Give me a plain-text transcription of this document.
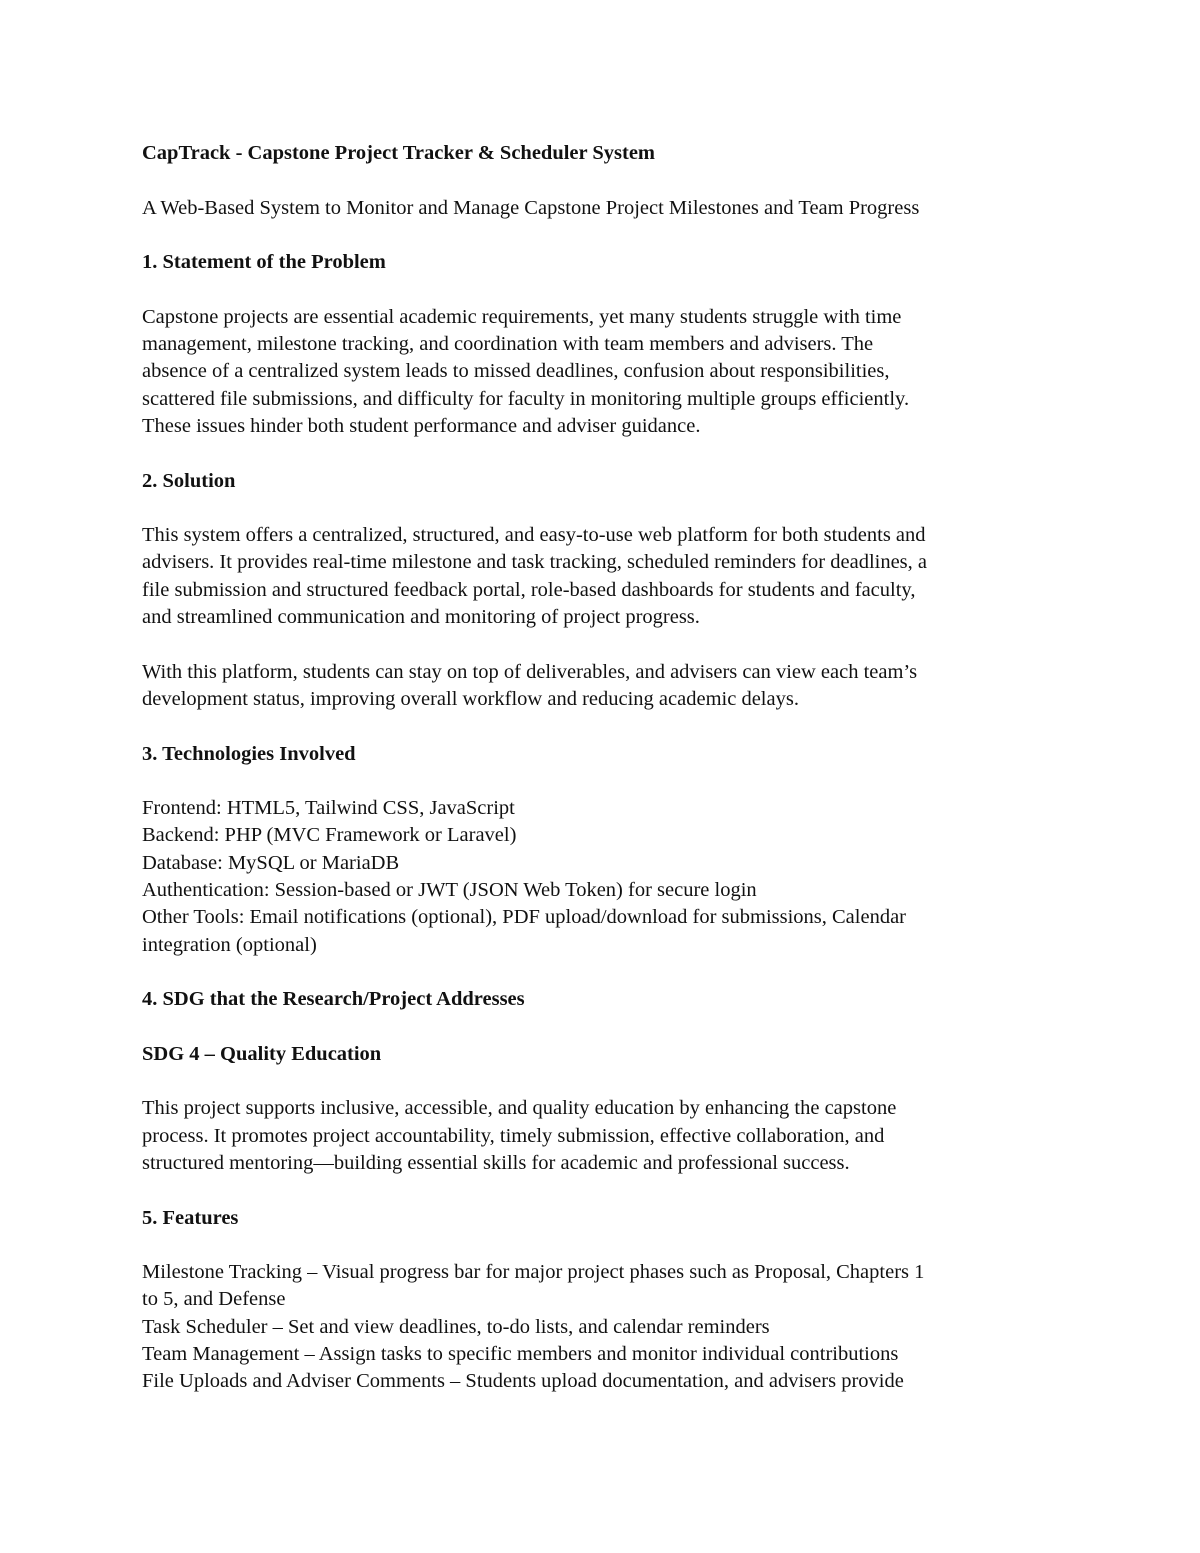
CapTrack - Capstone Project Tracker & Scheduler System
A Web-Based System to Monitor and Manage Capstone Project Milestones and Team Progress
1. Statement of the Problem
Capstone projects are essential academic requirements, yet many students struggle with time
management, milestone tracking, and coordination with team members and advisers. The
absence of a centralized system leads to missed deadlines, confusion about responsibilities,
scattered file submissions, and difficulty for faculty in monitoring multiple groups efficiently.
These issues hinder both student performance and adviser guidance.
2. Solution
This system offers a centralized, structured, and easy-to-use web platform for both students and
advisers. It provides real-time milestone and task tracking, scheduled reminders for deadlines, a
file submission and structured feedback portal, role-based dashboards for students and faculty,
and streamlined communication and monitoring of project progress.
With this platform, students can stay on top of deliverables, and advisers can view each team’s
development status, improving overall workflow and reducing academic delays.
3. Technologies Involved
Frontend: HTML5, Tailwind CSS, JavaScript
Backend: PHP (MVC Framework or Laravel)
Database: MySQL or MariaDB
Authentication: Session-based or JWT (JSON Web Token) for secure login
Other Tools: Email notifications (optional), PDF upload/download for submissions, Calendar
integration (optional)
4. SDG that the Research/Project Addresses
SDG 4 – Quality Education
This project supports inclusive, accessible, and quality education by enhancing the capstone
process. It promotes project accountability, timely submission, effective collaboration, and
structured mentoring—building essential skills for academic and professional success.
5. Features
Milestone Tracking – Visual progress bar for major project phases such as Proposal, Chapters 1
to 5, and Defense
Task Scheduler – Set and view deadlines, to-do lists, and calendar reminders
Team Management – Assign tasks to specific members and monitor individual contributions
File Uploads and Adviser Comments – Students upload documentation, and advisers provide
